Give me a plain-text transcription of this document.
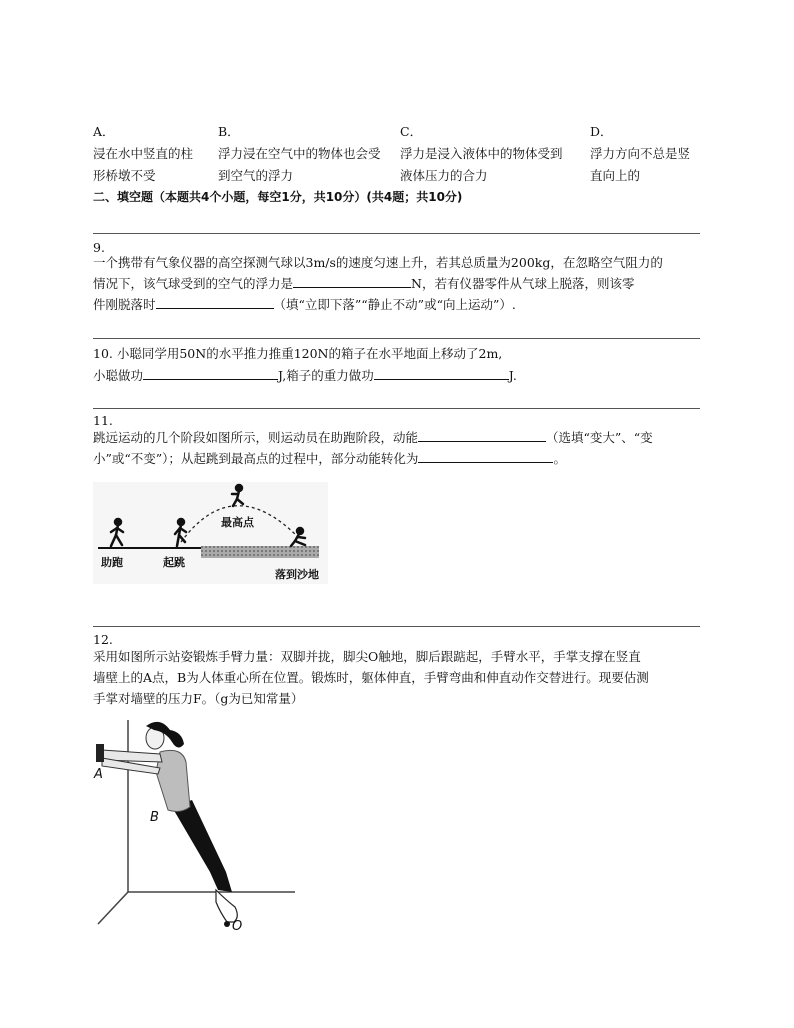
A．
浸在水中竖直的柱
形桥墩不受
B．
浮力浸在空气中的物体也会受
到空气的浮力
C．
浮力是浸入液体中的物体受到
液体压力的合力
D．
浮力方向不总是竖
直向上的
二、填空题（本题共4个小题，每空1分，共10分）(共4题；共10分)
9.
一个携带有气象仪器的高空探测气球以3m/s的速度匀速上升，若其总质量为200kg，在忽略空气阻力的
情况下，该气球受到的空气的浮力是	N，若有仪器零件从气球上脱落，则该零
件刚脱落时	（填“立即下落”“静止不动”或“向上运动”）.
10. 小聪同学用50N的水平推力推重120N的箱子在水平地面上移动了2m,
小聪做功	J,箱子的重力做功	J.
11.
跳远运动的几个阶段如图所示，则运动员在助跑阶段，动能	（选填“变大”、“变
小”或“不变”）；从起跳到最高点的过程中，部分动能转化为	。
助跑	起跳
最高点
落到沙地
12.
采用如图所示站姿锻炼手臂力量：双脚并拢，脚尖O触地，脚后跟踮起，手臂水平，手掌支撑在竖直
墙壁上的A点，B为人体重心所在位置。锻炼时，躯体伸直，手臂弯曲和伸直动作交替进行。现要估测
手掌对墙壁的压力F。（g为已知常量）
A
B
O
